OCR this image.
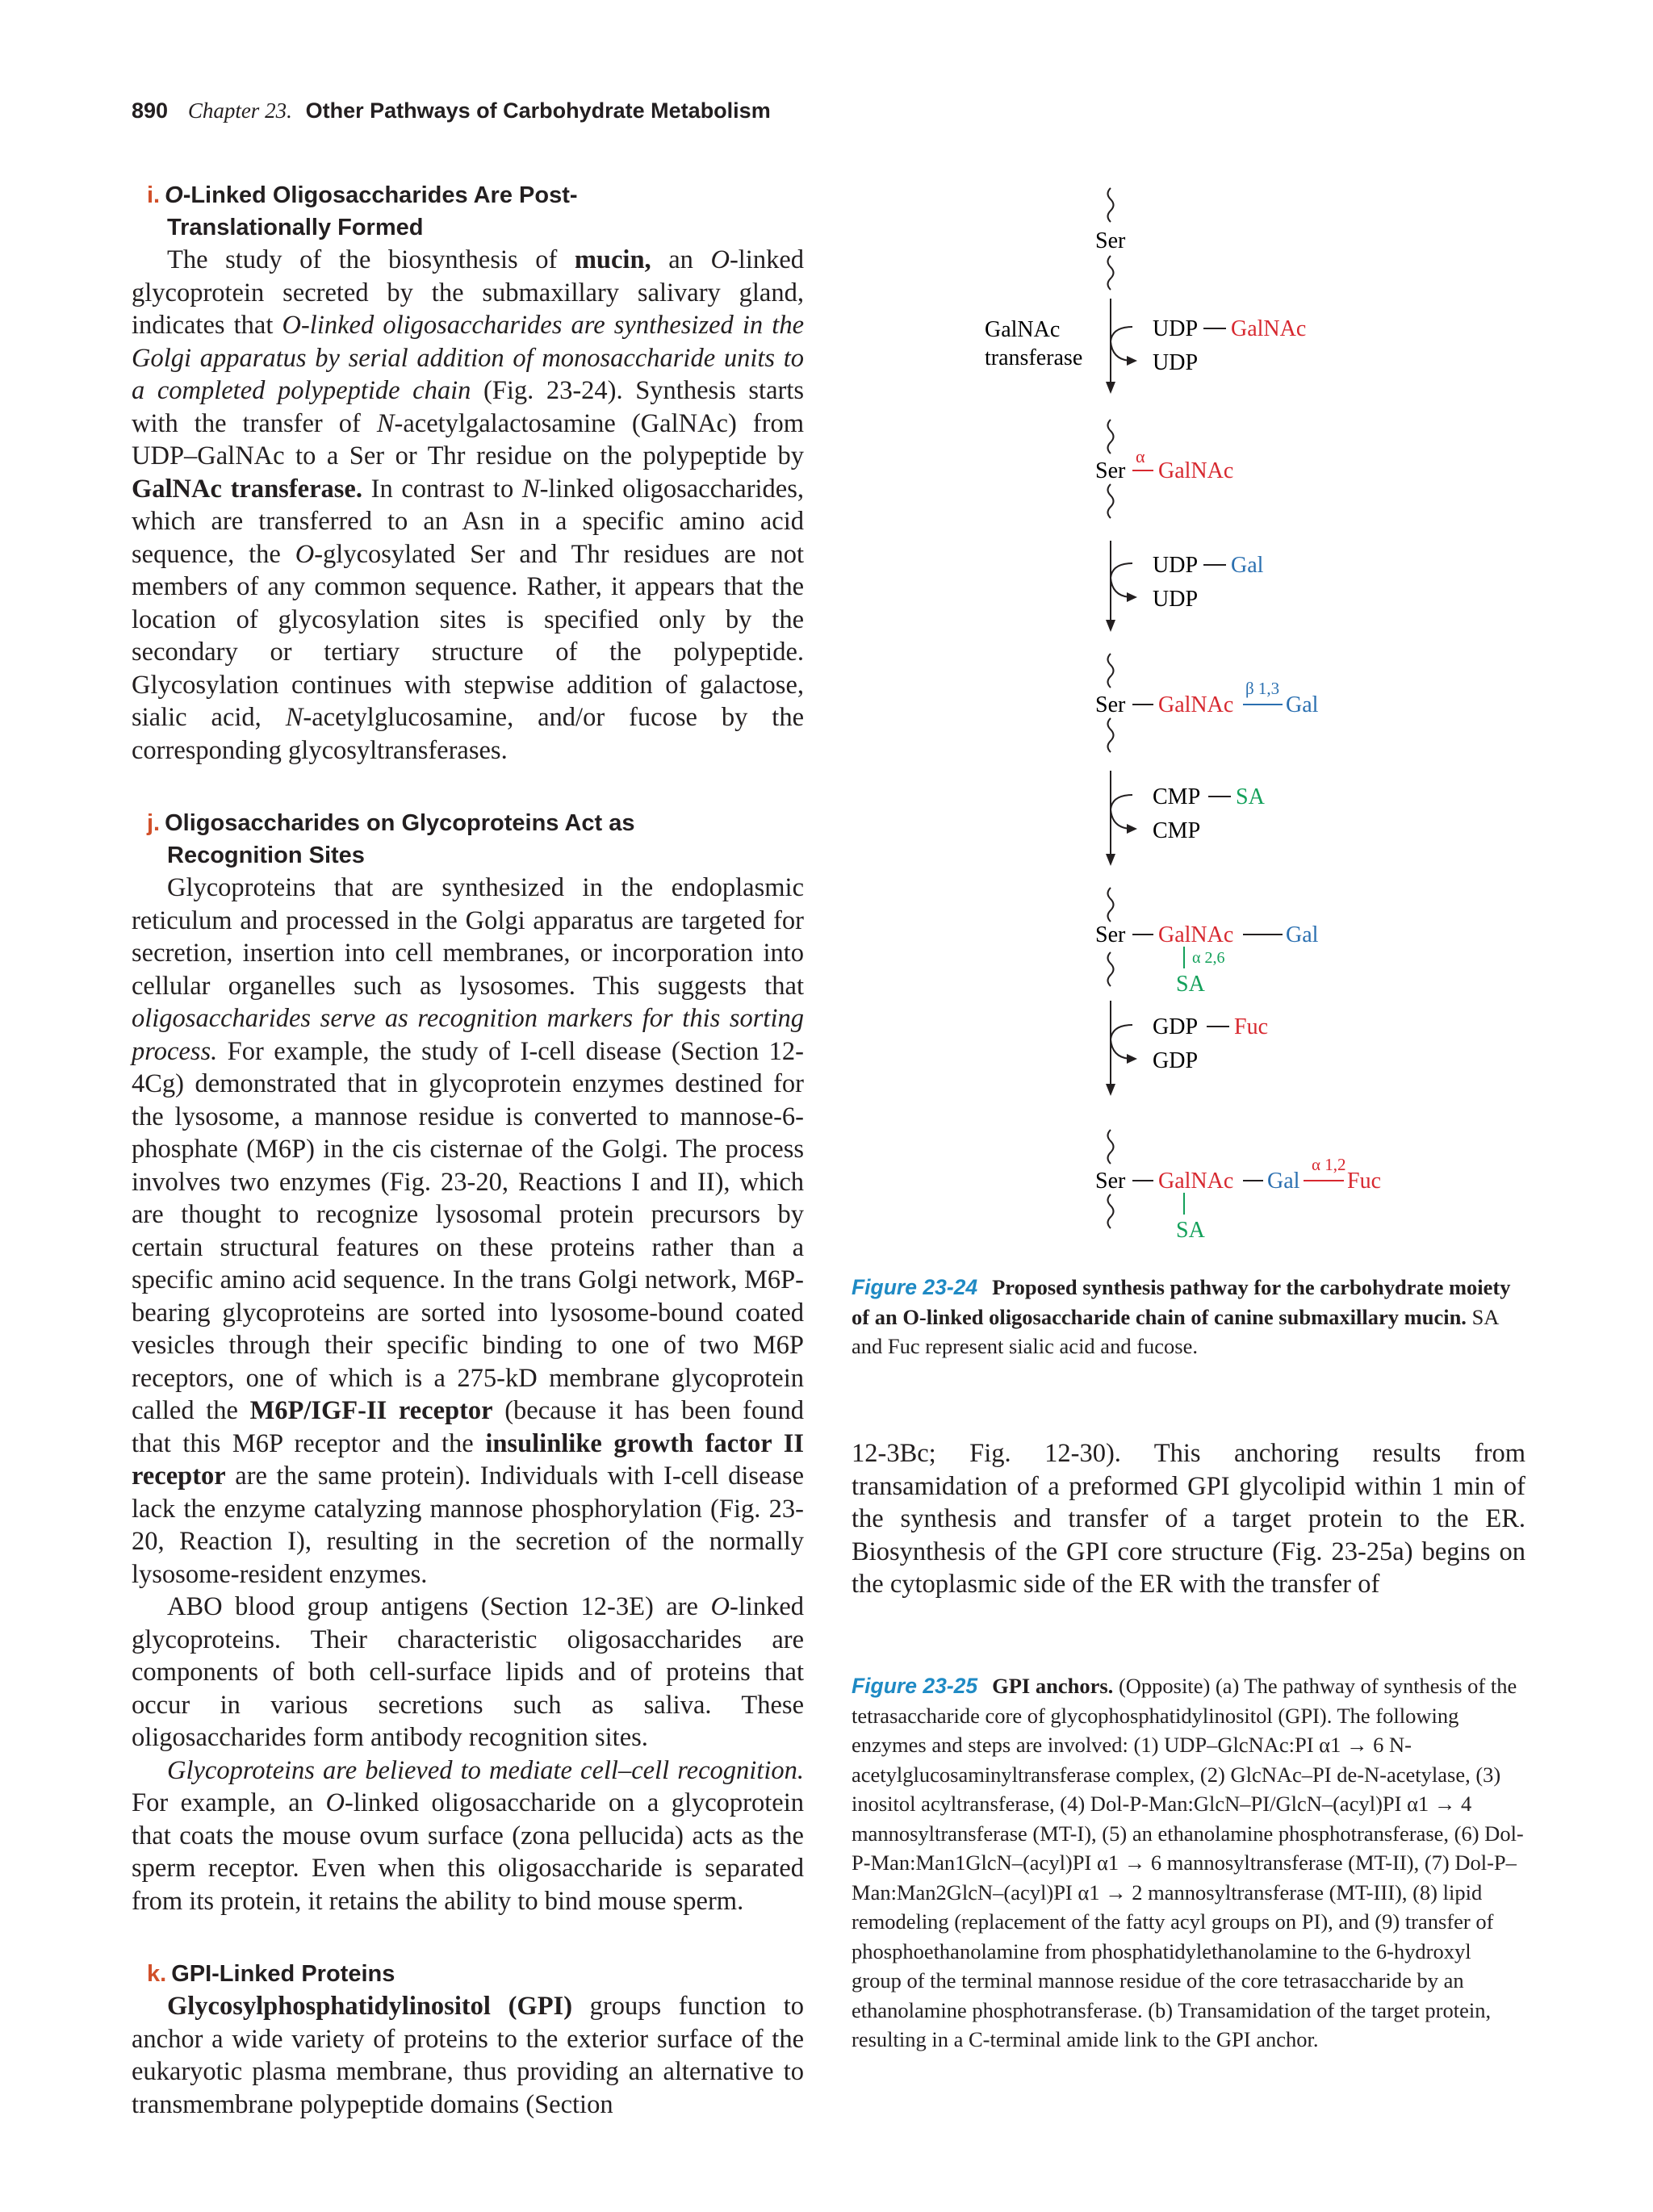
890 Chapter 23. Other Pathways of Carbohydrate Metabolism
i. O-Linked Oligosaccharides Are Post-
Translationally Formed

The study of the biosynthesis of mucin, an O-linked glycoprotein secreted by the submaxillary salivary gland, indicates that O-linked oligosaccharides are synthesized in the Golgi apparatus by serial addition of monosaccharide units to a completed polypeptide chain (Fig. 23-24). Synthesis starts with the transfer of N-acetylgalactosamine (GalNAc) from UDP–GalNAc to a Ser or Thr residue on the polypeptide by GalNAc transferase. In contrast to N-linked oligosaccharides, which are transferred to an Asn in a specific amino acid sequence, the O-glycosylated Ser and Thr residues are not members of any common sequence. Rather, it appears that the location of glycosylation sites is specified only by the secondary or tertiary structure of the polypeptide. Glycosylation continues with stepwise addition of galactose, sialic acid, N-acetylglucosamine, and/or fucose by the corresponding glycosyltransferases.

j. Oligosaccharides on Glycoproteins Act as
Recognition Sites

Glycoproteins that are synthesized in the endoplasmic reticulum and processed in the Golgi apparatus are targeted for secretion, insertion into cell membranes, or incorporation into cellular organelles such as lysosomes. This suggests that oligosaccharides serve as recognition markers for this sorting process. For example, the study of I-cell disease (Section 12-4Cg) demonstrated that in glycoprotein enzymes destined for the lysosome, a mannose residue is converted to mannose-6-phosphate (M6P) in the cis cisternae of the Golgi. The process involves two enzymes (Fig. 23-20, Reactions I and II), which are thought to recognize lysosomal protein precursors by certain structural features on these proteins rather than a specific amino acid sequence. In the trans Golgi network, M6P-bearing glycoproteins are sorted into lysosome-bound coated vesicles through their specific binding to one of two M6P receptors, one of which is a 275-kD membrane glycoprotein called the M6P/IGF-II receptor (because it has been found that this M6P receptor and the insulinlike growth factor II receptor are the same protein). Individuals with I-cell disease lack the enzyme catalyzing mannose phosphorylation (Fig. 23-20, Reaction I), resulting in the secretion of the normally lysosome-resident enzymes.

ABO blood group antigens (Section 12-3E) are O-linked glycoproteins. Their characteristic oligosaccharides are components of both cell-surface lipids and of proteins that occur in various secretions such as saliva. These oligosaccharides form antibody recognition sites.

Glycoproteins are believed to mediate cell–cell recognition. For example, an O-linked oligosaccharide on a glycoprotein that coats the mouse ovum surface (zona pellucida) acts as the sperm receptor. Even when this oligosaccharide is separated from its protein, it retains the ability to bind mouse sperm.

k. GPI-Linked Proteins

Glycosylphosphatidylinositol (GPI) groups function to anchor a wide variety of proteins to the exterior surface of the eukaryotic plasma membrane, thus providing an alternative to transmembrane polypeptide domains (Section

Ser
GalNAc
transferase
UDP GalNAc
UDP
Ser
α
GalNAc
UDP Gal
UDP
Ser GalNAc
β 1,3
Gal
CMP SA
CMP
Ser GalNAc Gal
α 2,6
SA
GDP Fuc
GDP
Ser GalNAc Gal
α 1,2
Fuc
SA

Figure 23-24 Proposed synthesis pathway for the carbohydrate moiety of an O-linked oligosaccharide chain of canine submaxillary mucin. SA and Fuc represent sialic acid and fucose.

12-3Bc; Fig. 12-30). This anchoring results from transamidation of a preformed GPI glycolipid within 1 min of the synthesis and transfer of a target protein to the ER. Biosynthesis of the GPI core structure (Fig. 23-25a) begins on the cytoplasmic side of the ER with the transfer of

Figure 23-25 GPI anchors. (Opposite) (a) The pathway of synthesis of the tetrasaccharide core of glycophosphatidylinositol (GPI). The following enzymes and steps are involved: (1) UDP–GlcNAc:PI α1 → 6 N-acetylglucosaminyltransferase complex, (2) GlcNAc–PI de-N-acetylase, (3) inositol acyltransferase, (4) Dol-P-Man:GlcN–PI/GlcN–(acyl)PI α1 → 4 mannosyltransferase (MT-I), (5) an ethanolamine phosphotransferase, (6) Dol-P-Man:Man1GlcN–(acyl)PI α1 → 6 mannosyltransferase (MT-II), (7) Dol-P–Man:Man2GlcN–(acyl)PI α1 → 2 mannosyltransferase (MT-III), (8) lipid remodeling (replacement of the fatty acyl groups on PI), and (9) transfer of phosphoethanolamine from phosphatidylethanolamine to the 6-hydroxyl group of the terminal mannose residue of the core tetrasaccharide by an ethanolamine phosphotransferase. (b) Transamidation of the target protein, resulting in a C-terminal amide link to the GPI anchor.
